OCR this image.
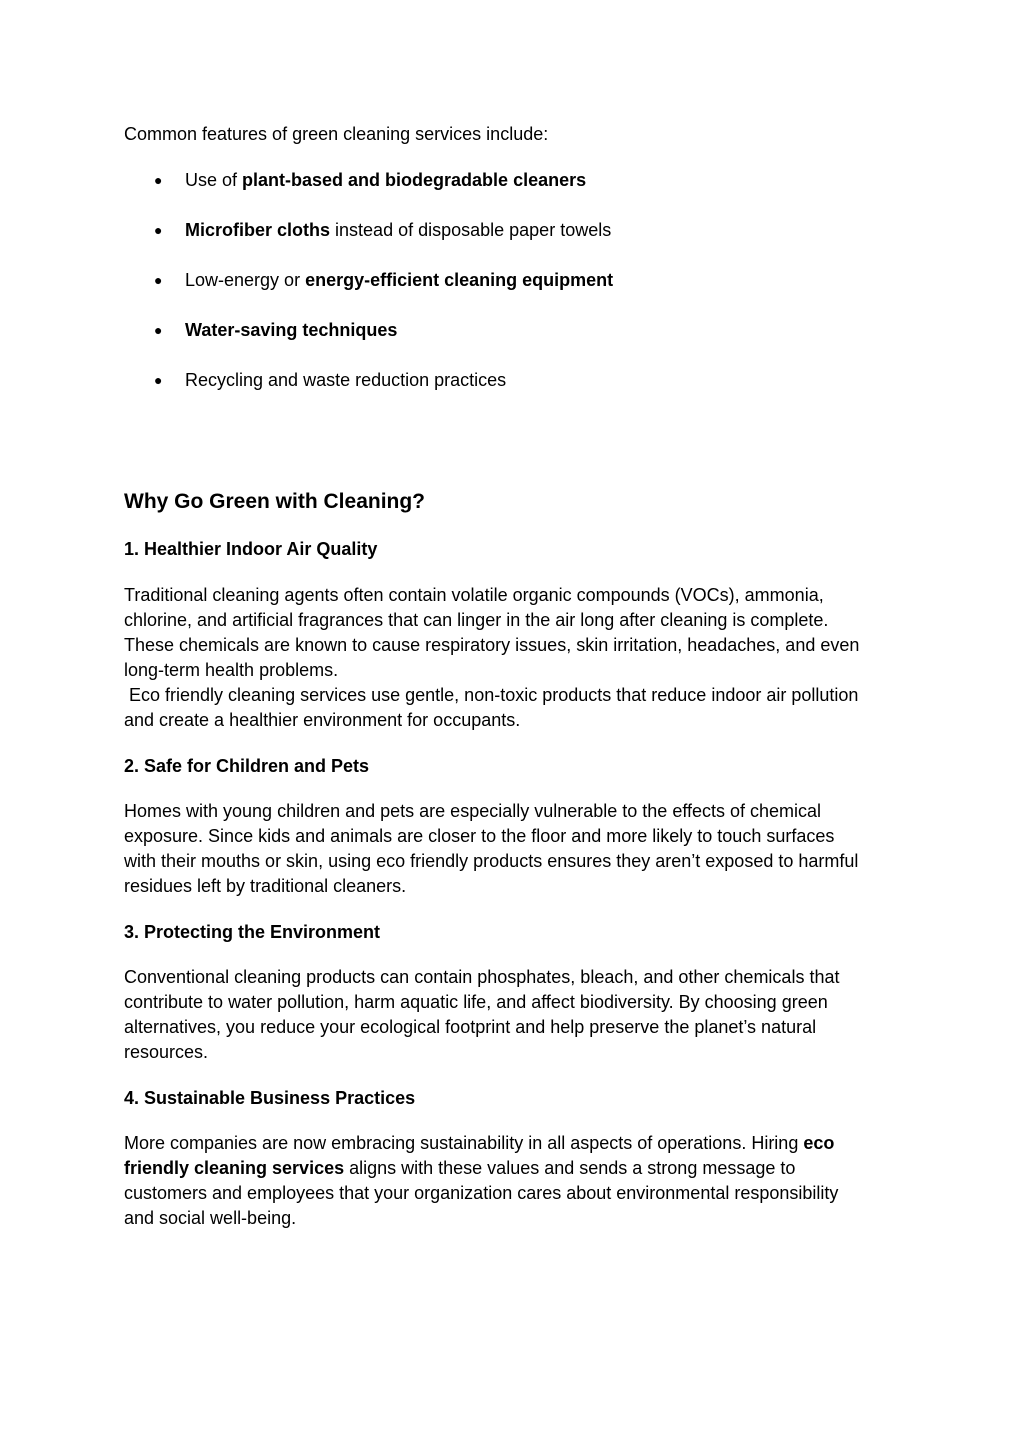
Common features of green cleaning services include:

● Use of plant-based and biodegradable cleaners
● Microfiber cloths instead of disposable paper towels
● Low-energy or energy-efficient cleaning equipment
● Water-saving techniques
● Recycling and waste reduction practices
Why Go Green with Cleaning?
1. Healthier Indoor Air Quality
Traditional cleaning agents often contain volatile organic compounds (VOCs), ammonia,
chlorine, and artificial fragrances that can linger in the air long after cleaning is complete.
These chemicals are known to cause respiratory issues, skin irritation, headaches, and even
long-term health problems.
Eco friendly cleaning services use gentle, non-toxic products that reduce indoor air pollution
and create a healthier environment for occupants.
2. Safe for Children and Pets
Homes with young children and pets are especially vulnerable to the effects of chemical
exposure. Since kids and animals are closer to the floor and more likely to touch surfaces
with their mouths or skin, using eco friendly products ensures they aren’t exposed to harmful
residues left by traditional cleaners.
3. Protecting the Environment
Conventional cleaning products can contain phosphates, bleach, and other chemicals that
contribute to water pollution, harm aquatic life, and affect biodiversity. By choosing green
alternatives, you reduce your ecological footprint and help preserve the planet’s natural
resources.
4. Sustainable Business Practices
More companies are now embracing sustainability in all aspects of operations. Hiring eco
friendly cleaning services aligns with these values and sends a strong message to
customers and employees that your organization cares about environmental responsibility
and social well-being.
